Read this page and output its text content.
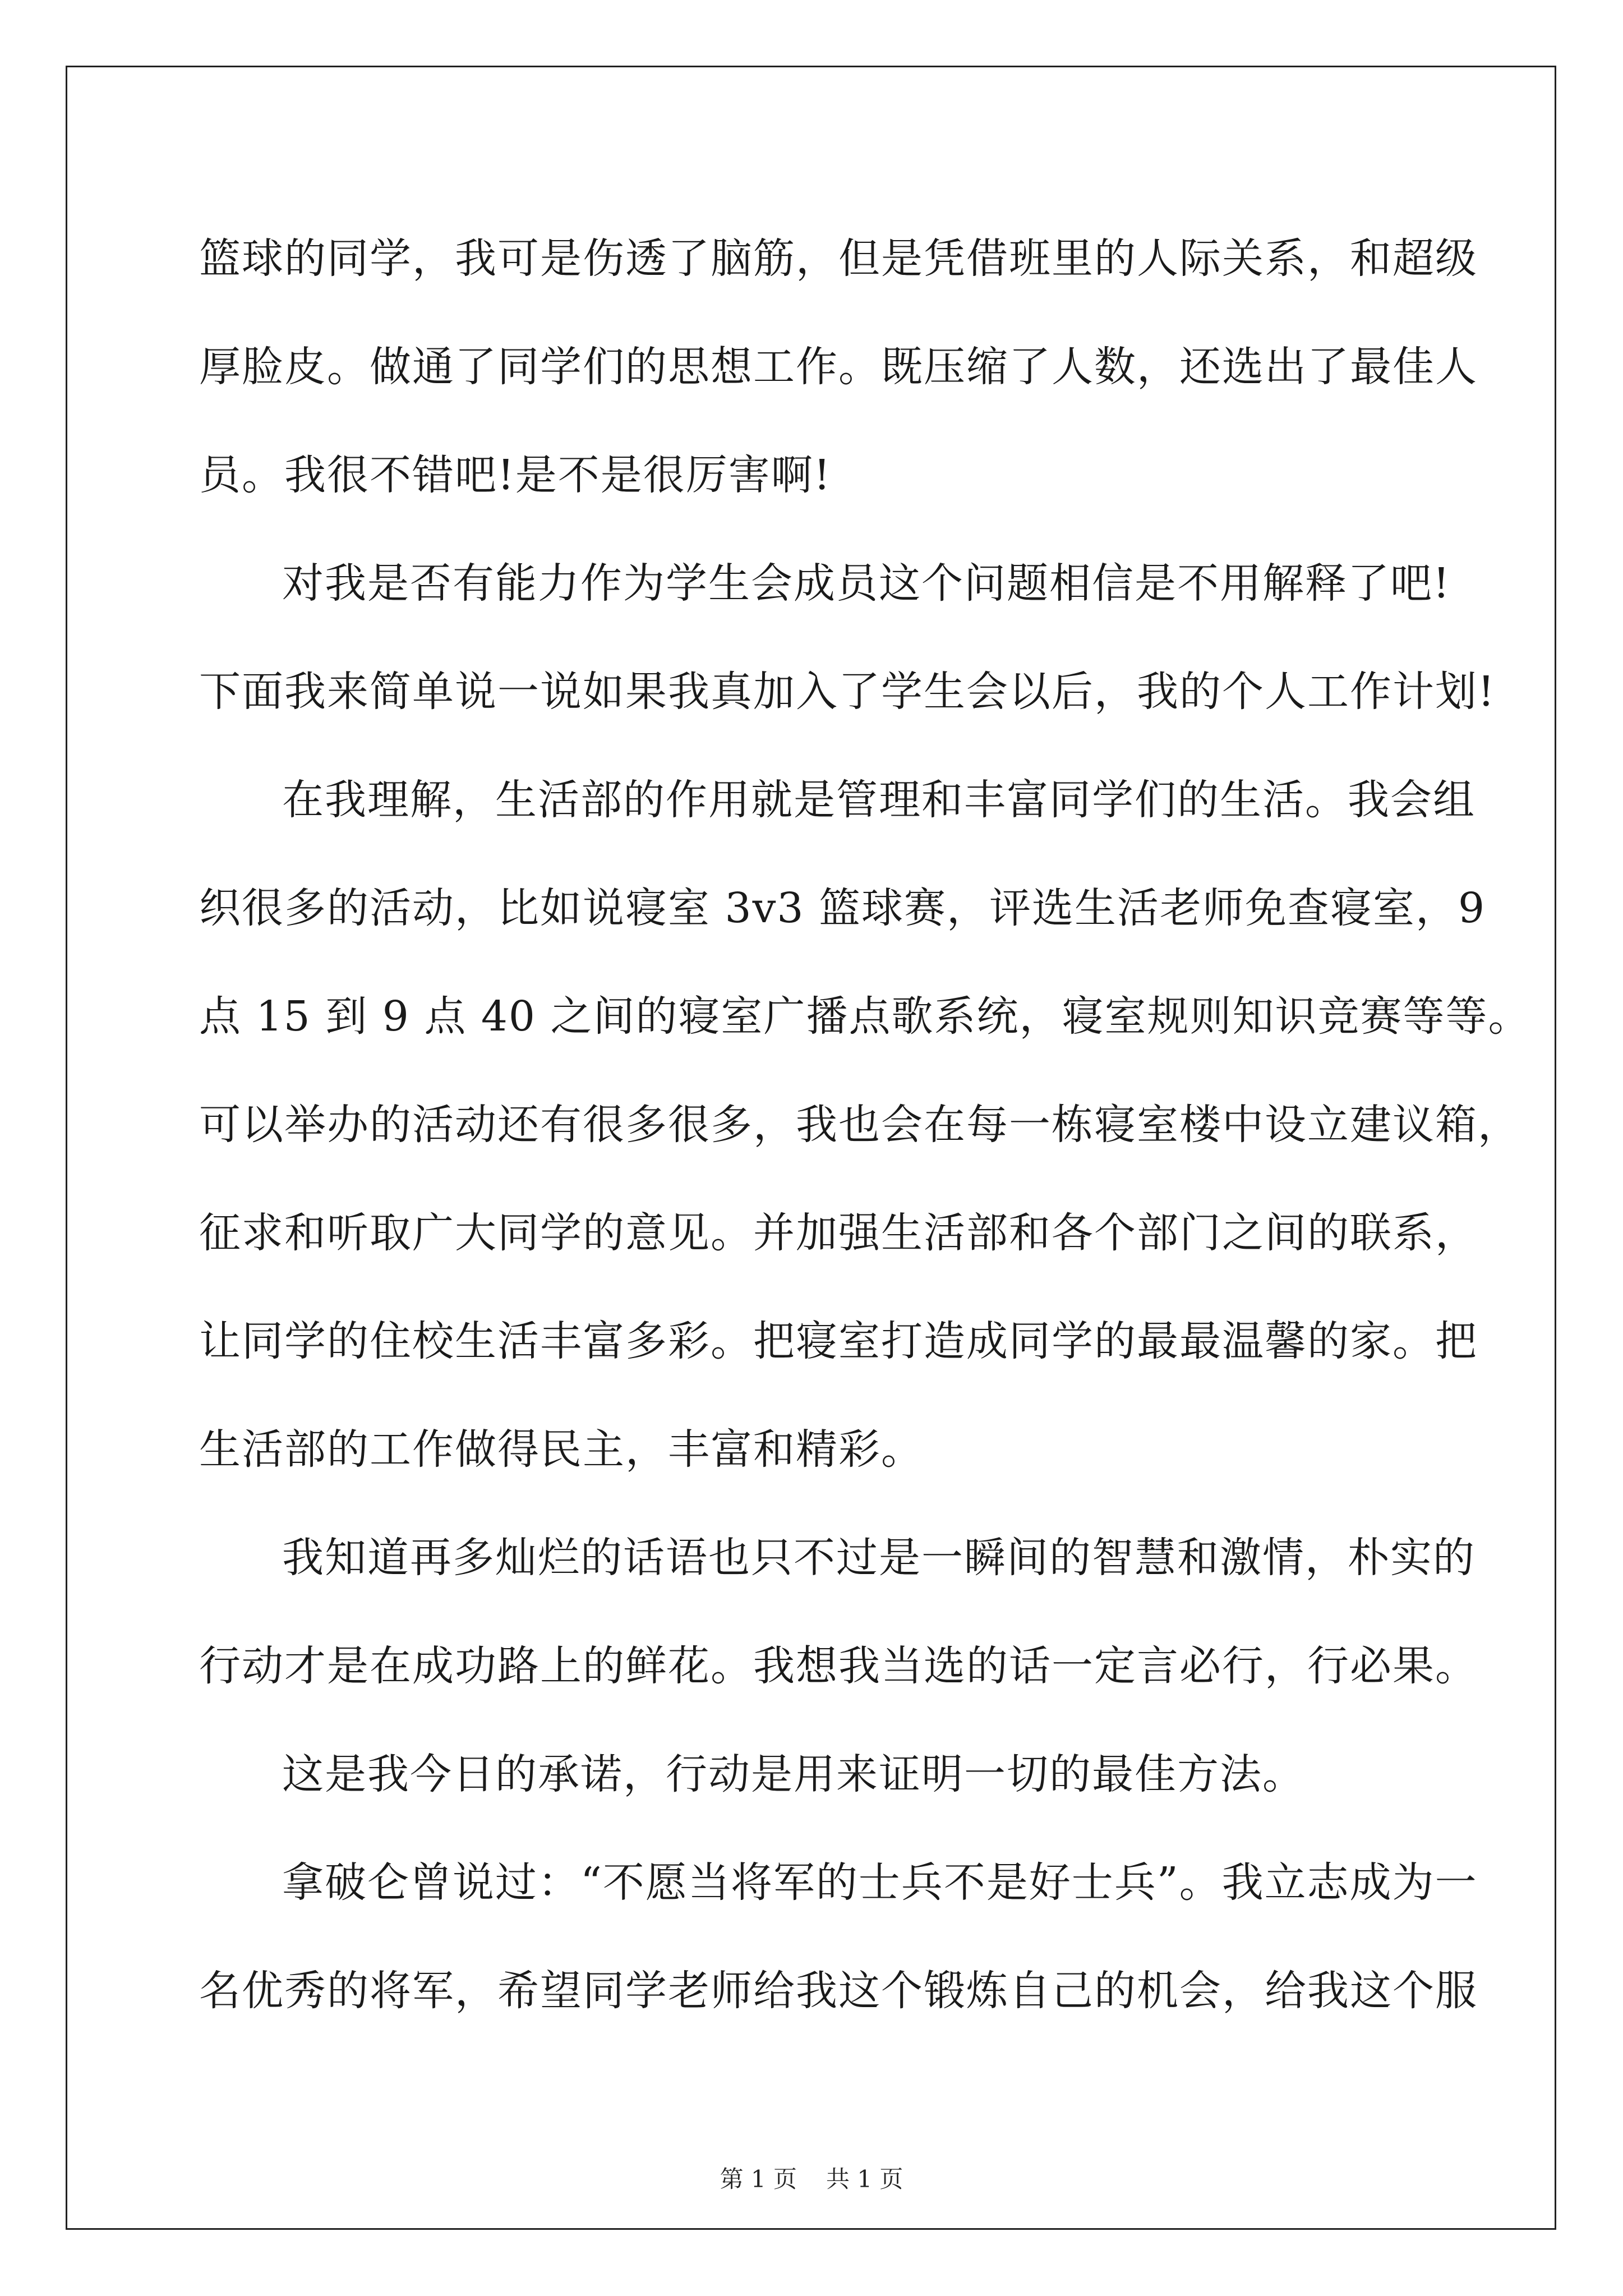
篮球的同学，我可是伤透了脑筋，但是凭借班里的人际关系，和超级
厚脸皮。做通了同学们的思想工作。既压缩了人数，还选出了最佳人
员。我很不错吧!是不是很厉害啊!
对我是否有能力作为学生会成员这个问题相信是不用解释了吧!
下面我来简单说一说如果我真加入了学生会以后，我的个人工作计划!
在我理解，生活部的作用就是管理和丰富同学们的生活。我会组
织很多的活动，比如说寝室 3v3 篮球赛，评选生活老师免查寝室，9
点 15 到 9 点 40 之间的寝室广播点歌系统，寝室规则知识竞赛等等。
可以举办的活动还有很多很多，我也会在每一栋寝室楼中设立建议箱，
征求和听取广大同学的意见。并加强生活部和各个部门之间的联系，
让同学的住校生活丰富多彩。把寝室打造成同学的最最温馨的家。把
生活部的工作做得民主，丰富和精彩。
我知道再多灿烂的话语也只不过是一瞬间的智慧和激情，朴实的
行动才是在成功路上的鲜花。我想我当选的话一定言必行，行必果。
这是我今日的承诺，行动是用来证明一切的最佳方法。
拿破仑曾说过：“不愿当将军的士兵不是好士兵”。我立志成为一
名优秀的将军，希望同学老师给我这个锻炼自己的机会，给我这个服
第 1 页 共 1 页
